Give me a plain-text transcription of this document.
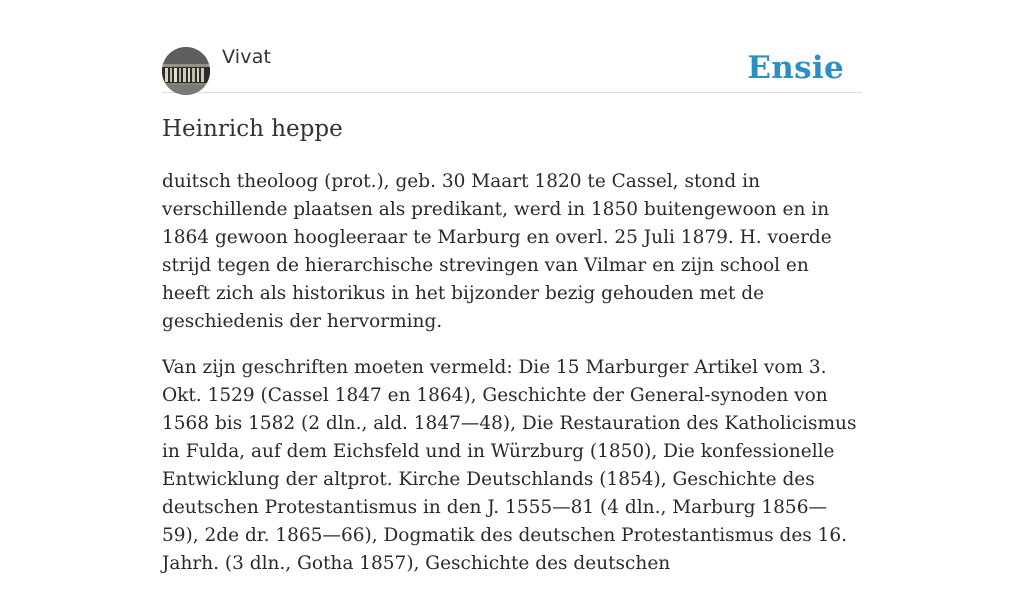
Vivat	Ensie
Heinrich heppe

duitsch theoloog (prot.), geb. 30 Maart 1820 te Cassel, stond in verschillende plaatsen als predikant, werd in 1850 buitengewoon en in 1864 gewoon hoogleeraar te Marburg en overl. 25 Juli 1879. H. voerde strijd tegen de hierarchische strevingen van Vilmar en zijn school en heeft zich als historikus in het bijzonder bezig gehouden met de geschiedenis der hervorming.

Van zijn geschriften moeten vermeld: Die 15 Marburger Artikel vom 3. Okt. 1529 (Cassel 1847 en 1864), Geschichte der General-synoden von 1568 bis 1582 (2 dln., ald. 1847—48), Die Restauration des Katholicismus in Fulda, auf dem Eichsfeld und in Würzburg (1850), Die konfessionelle Entwicklung der altprot. Kirche Deutschlands (1854), Geschichte des deutschen Protestantismus in den J. 1555—81 (4 dln., Marburg 1856— 59), 2de dr. 1865—66), Dogmatik des deutschen Protestantismus des 16. Jahrh. (3 dln., Gotha 1857), Geschichte des deutschen
